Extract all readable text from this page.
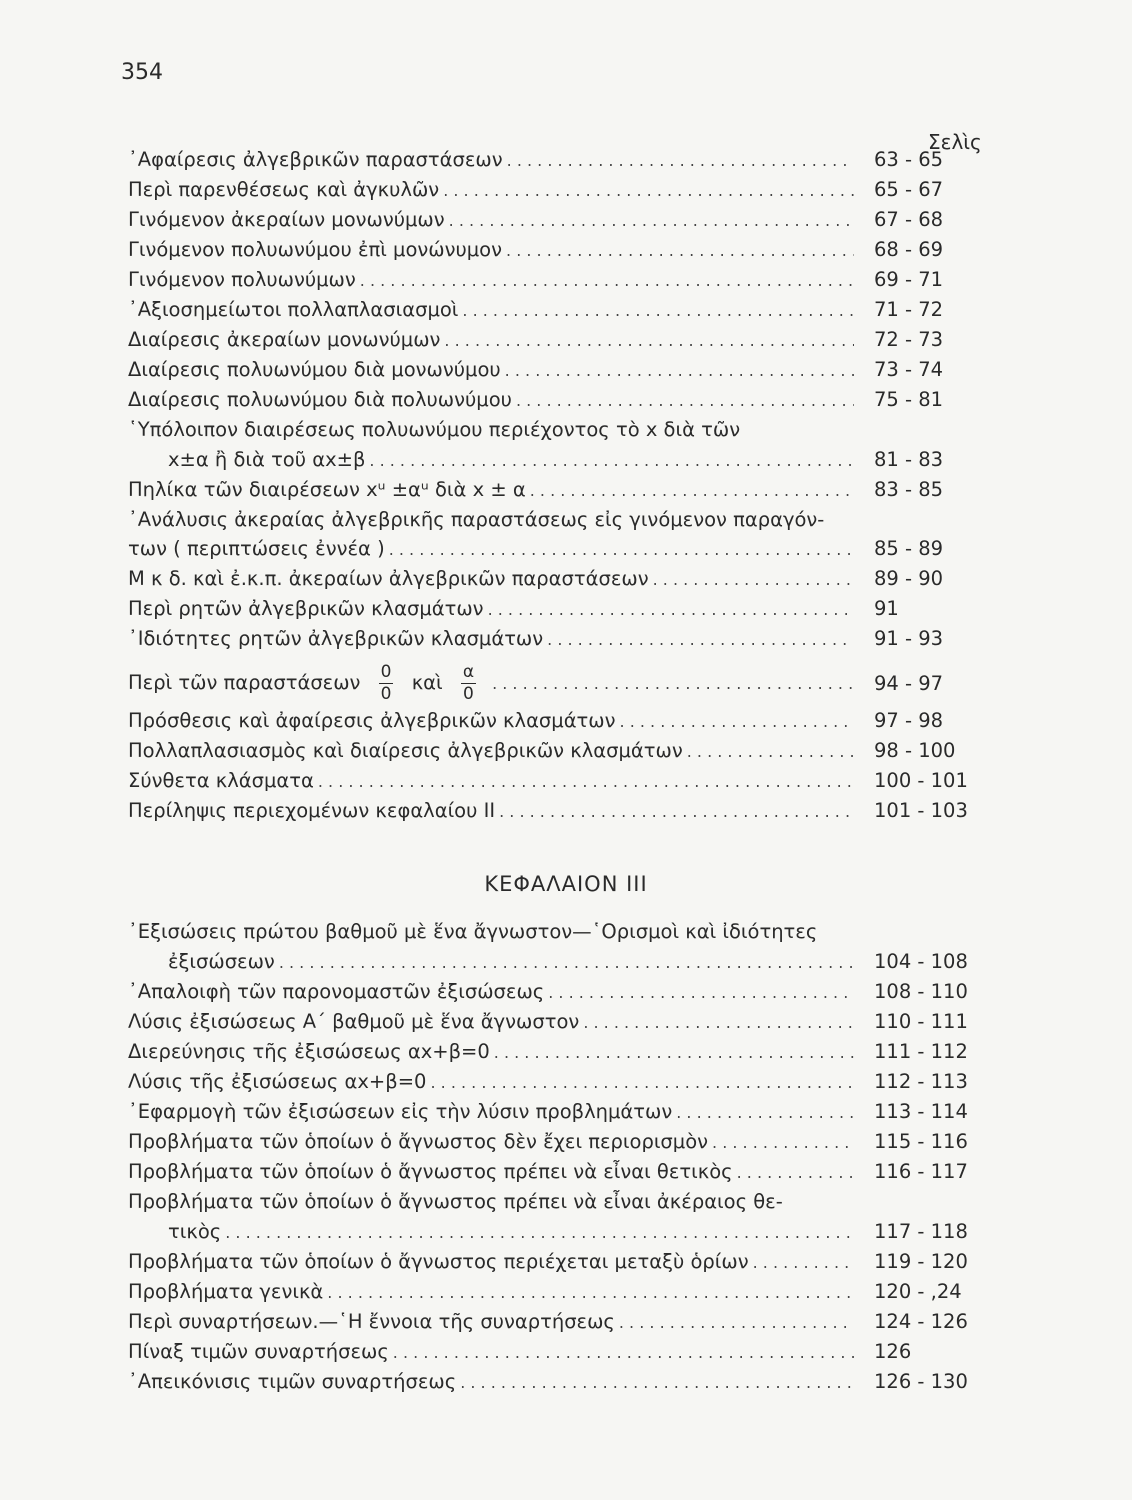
354
Σελὶς
᾿Αφαίρεσις ἀλγεβρικῶν παραστάσεων . . .	63 - 65
Περὶ παρενθέσεως καὶ ἀγκυλῶν . . .	65 - 67
Γινόμενον ἀκεραίων μονωνύμων . . .	67 - 68
Γινόμενον πολυωνύμου ἐπὶ μονώνυμον . . .	68 - 69
Γινόμενον πολυωνύμων . . .	69 - 71
᾿Αξιοσημείωτοι πολλαπλασιασμοὶ . . .	71 - 72
Διαίρεσις ἀκεραίων μονωνύμων . . .	72 - 73
Διαίρεσις πολυωνύμου διὰ μονωνύμου . . .	73 - 74
Διαίρεσις πολυωνύμου διὰ πολυωνύμου . . .	75 - 81
῾Υπόλοιπον διαιρέσεως πολυωνύμου περιέχοντος τὸ x διὰ τῶν
x±α ἢ διὰ τοῦ αx±β . . .	81 - 83
Πηλίκα τῶν διαιρέσεων xᵘ ±αᵘ διὰ x ± α . . .	83 - 85
᾿Ανάλυσις ἀκεραίας ἀλγεβρικῆς παραστάσεως εἰς γινόμενον παραγόν-
των ( περιπτώσεις ἐννέα ) . . .	85 - 89
Μ κ δ. καὶ ἐ.κ.π. ἀκεραίων ἀλγεβρικῶν παραστάσεων . . .	89 - 90
Περὶ ρητῶν ἀλγεβρικῶν κλασμάτων . . .	91
᾿Ιδιότητες ρητῶν ἀλγεβρικῶν κλασμάτων . . .	91 - 93
Περὶ τῶν παραστάσεων $\frac{0}{0}$ καὶ $\frac{\alpha}{0}$ . . .	94 - 97
Πρόσθεσις καὶ ἀφαίρεσις ἀλγεβρικῶν κλασμάτων . . .	97 - 98
Πολλαπλασιασμὸς καὶ διαίρεσις ἀλγεβρικῶν κλασμάτων . . .	98 - 100
Σύνθετα κλάσματα . . .	100 - 101
Περίληψις περιεχομένων κεφαλαίου II . . .	101 - 103
ΚΕΦΑΛΑΙΟΝ III
᾿Εξισώσεις πρώτου βαθμοῦ μὲ ἕνα ἄγνωστον—῾Ορισμοὶ καὶ ἰδιότητες
ἐξισώσεων . . .	104 - 108
᾿Απαλοιφὴ τῶν παρονομαστῶν ἐξισώσεως . . .	108 - 110
Λύσις ἐξισώσεως Α΄ βαθμοῦ μὲ ἕνα ἄγνωστον . . .	110 - 111
Διερεύνησις τῆς ἐξισώσεως αx+β=0 . . .	111 - 112
Λύσις τῆς ἐξισώσεως αx+β=0 . . .	112 - 113
᾿Εφαρμογὴ τῶν ἐξισώσεων εἰς τὴν λύσιν προβλημάτων . . .	113 - 114
Προβλήματα τῶν ὁποίων ὁ ἄγνωστος δὲν ἔχει περιορισμὸν . . .	115 - 116
Προβλήματα τῶν ὁποίων ὁ ἄγνωστος πρέπει νὰ εἶναι θετικὸς . . .	116 - 117
Προβλήματα τῶν ὁποίων ὁ ἄγνωστος πρέπει νὰ εἶναι ἀκέραιος θε-
τικὸς . . .	117 - 118
Προβλήματα τῶν ὁποίων ὁ ἄγνωστος περιέχεται μεταξὺ ὁρίων . . .	119 - 120
Προβλήματα γενικὰ . . .	120 - ,24
Περὶ συναρτήσεων.—῾Η ἔννοια τῆς συναρτήσεως . . .	124 - 126
Πίναξ τιμῶν συναρτήσεως . . .	126
᾿Απεικόνισις τιμῶν συναρτήσεως . . .	126 - 130
